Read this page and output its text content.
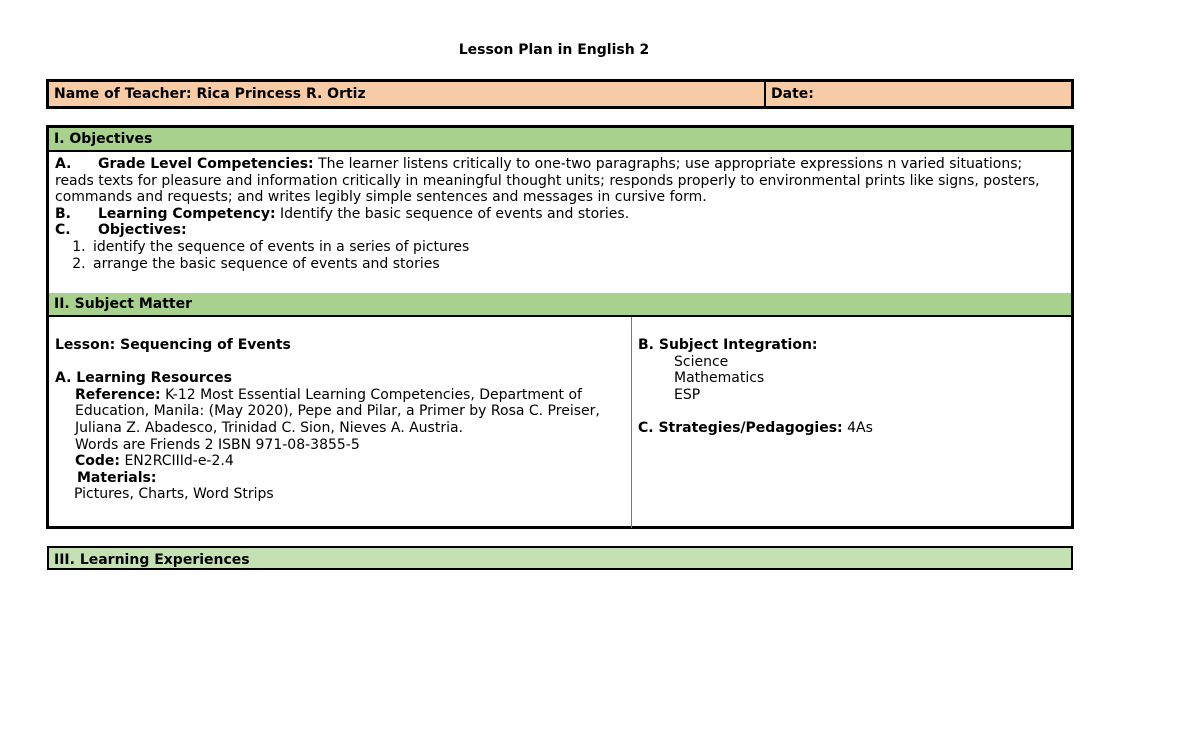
Lesson Plan in English 2
Name of Teacher: Rica Princess R. Ortiz	Date:
I. Objectives
A. Grade Level Competencies: The learner listens critically to one-two paragraphs; use appropriate expressions n varied situations; reads texts for pleasure and information critically in meaningful thought units; responds properly to environmental prints like signs, posters, commands and requests; and writes legibly simple sentences and messages in cursive form.
B. Learning Competency: Identify the basic sequence of events and stories.
C. Objectives:
1. identify the sequence of events in a series of pictures
2. arrange the basic sequence of events and stories
II. Subject Matter
Lesson: Sequencing of Events
A. Learning Resources
Reference: K-12 Most Essential Learning Competencies, Department of Education, Manila: (May 2020), Pepe and Pilar, a Primer by Rosa C. Preiser, Juliana Z. Abadesco, Trinidad C. Sion, Nieves A. Austria.
Words are Friends 2 ISBN 971-08-3855-5
Code: EN2RCIIId-e-2.4
Materials:
Pictures, Charts, Word Strips
B. Subject Integration:
Science
Mathematics
ESP
C. Strategies/Pedagogies: 4As
III. Learning Experiences
